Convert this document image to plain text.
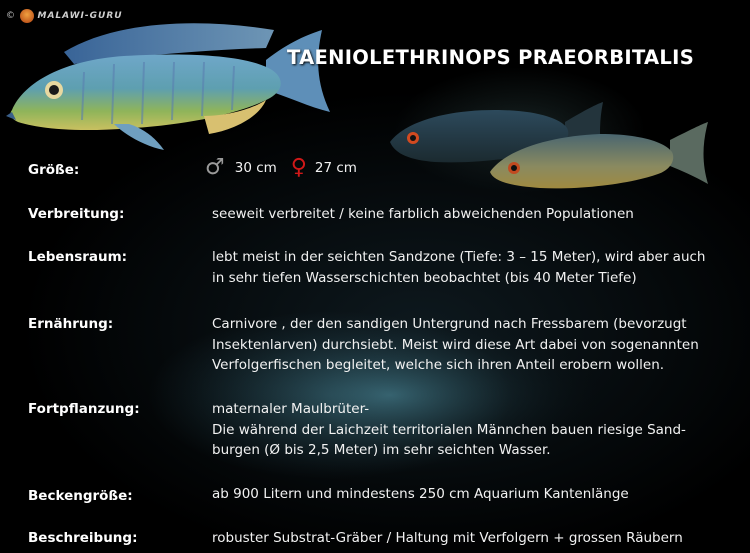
© MALAWI-GURU
TAENIOLETHRINOPS PRAEORBITALIS
Größe:	♂ 30 cm ♀ 27 cm
Verbreitung:	seeweit verbreitet / keine farblich abweichenden Populationen
Lebensraum:	lebt meist in der seichten Sandzone (Tiefe: 3 – 15 Meter), wird aber auch
in sehr tiefen Wasserschichten beobachtet (bis 40 Meter Tiefe)
Ernährung:	Carnivore , der den sandigen Untergrund nach Fressbarem (bevorzugt
Insektenlarven) durchsiebt. Meist wird diese Art dabei von sogenannten
Verfolgerfischen begleitet, welche sich ihren Anteil erobern wollen.
Fortpflanzung:	maternaler Maulbrüter-
Die während der Laichzeit territorialen Männchen bauen riesige Sand-
burgen (Ø bis 2,5 Meter) im sehr seichten Wasser.
Beckengröße:	ab 900 Litern und mindestens 250 cm Aquarium Kantenlänge
Beschreibung:	robuster Substrat-Gräber / Haltung mit Verfolgern + grossen Räubern
